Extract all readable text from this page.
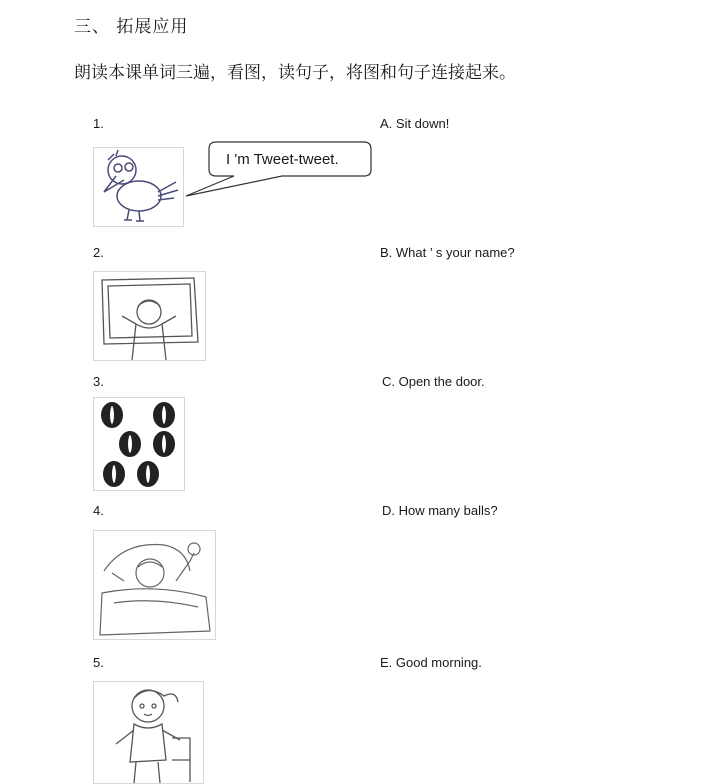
三、 拓展应用
朗读本课单词三遍，看图，读句子，将图和句子连接起来。
1.	A. Sit down!
I 'm Tweet-tweet.
2.	B. What ’ s your name?
3.	C. Open the door.
4.	D. How many balls?
5.	E. Good morning.
